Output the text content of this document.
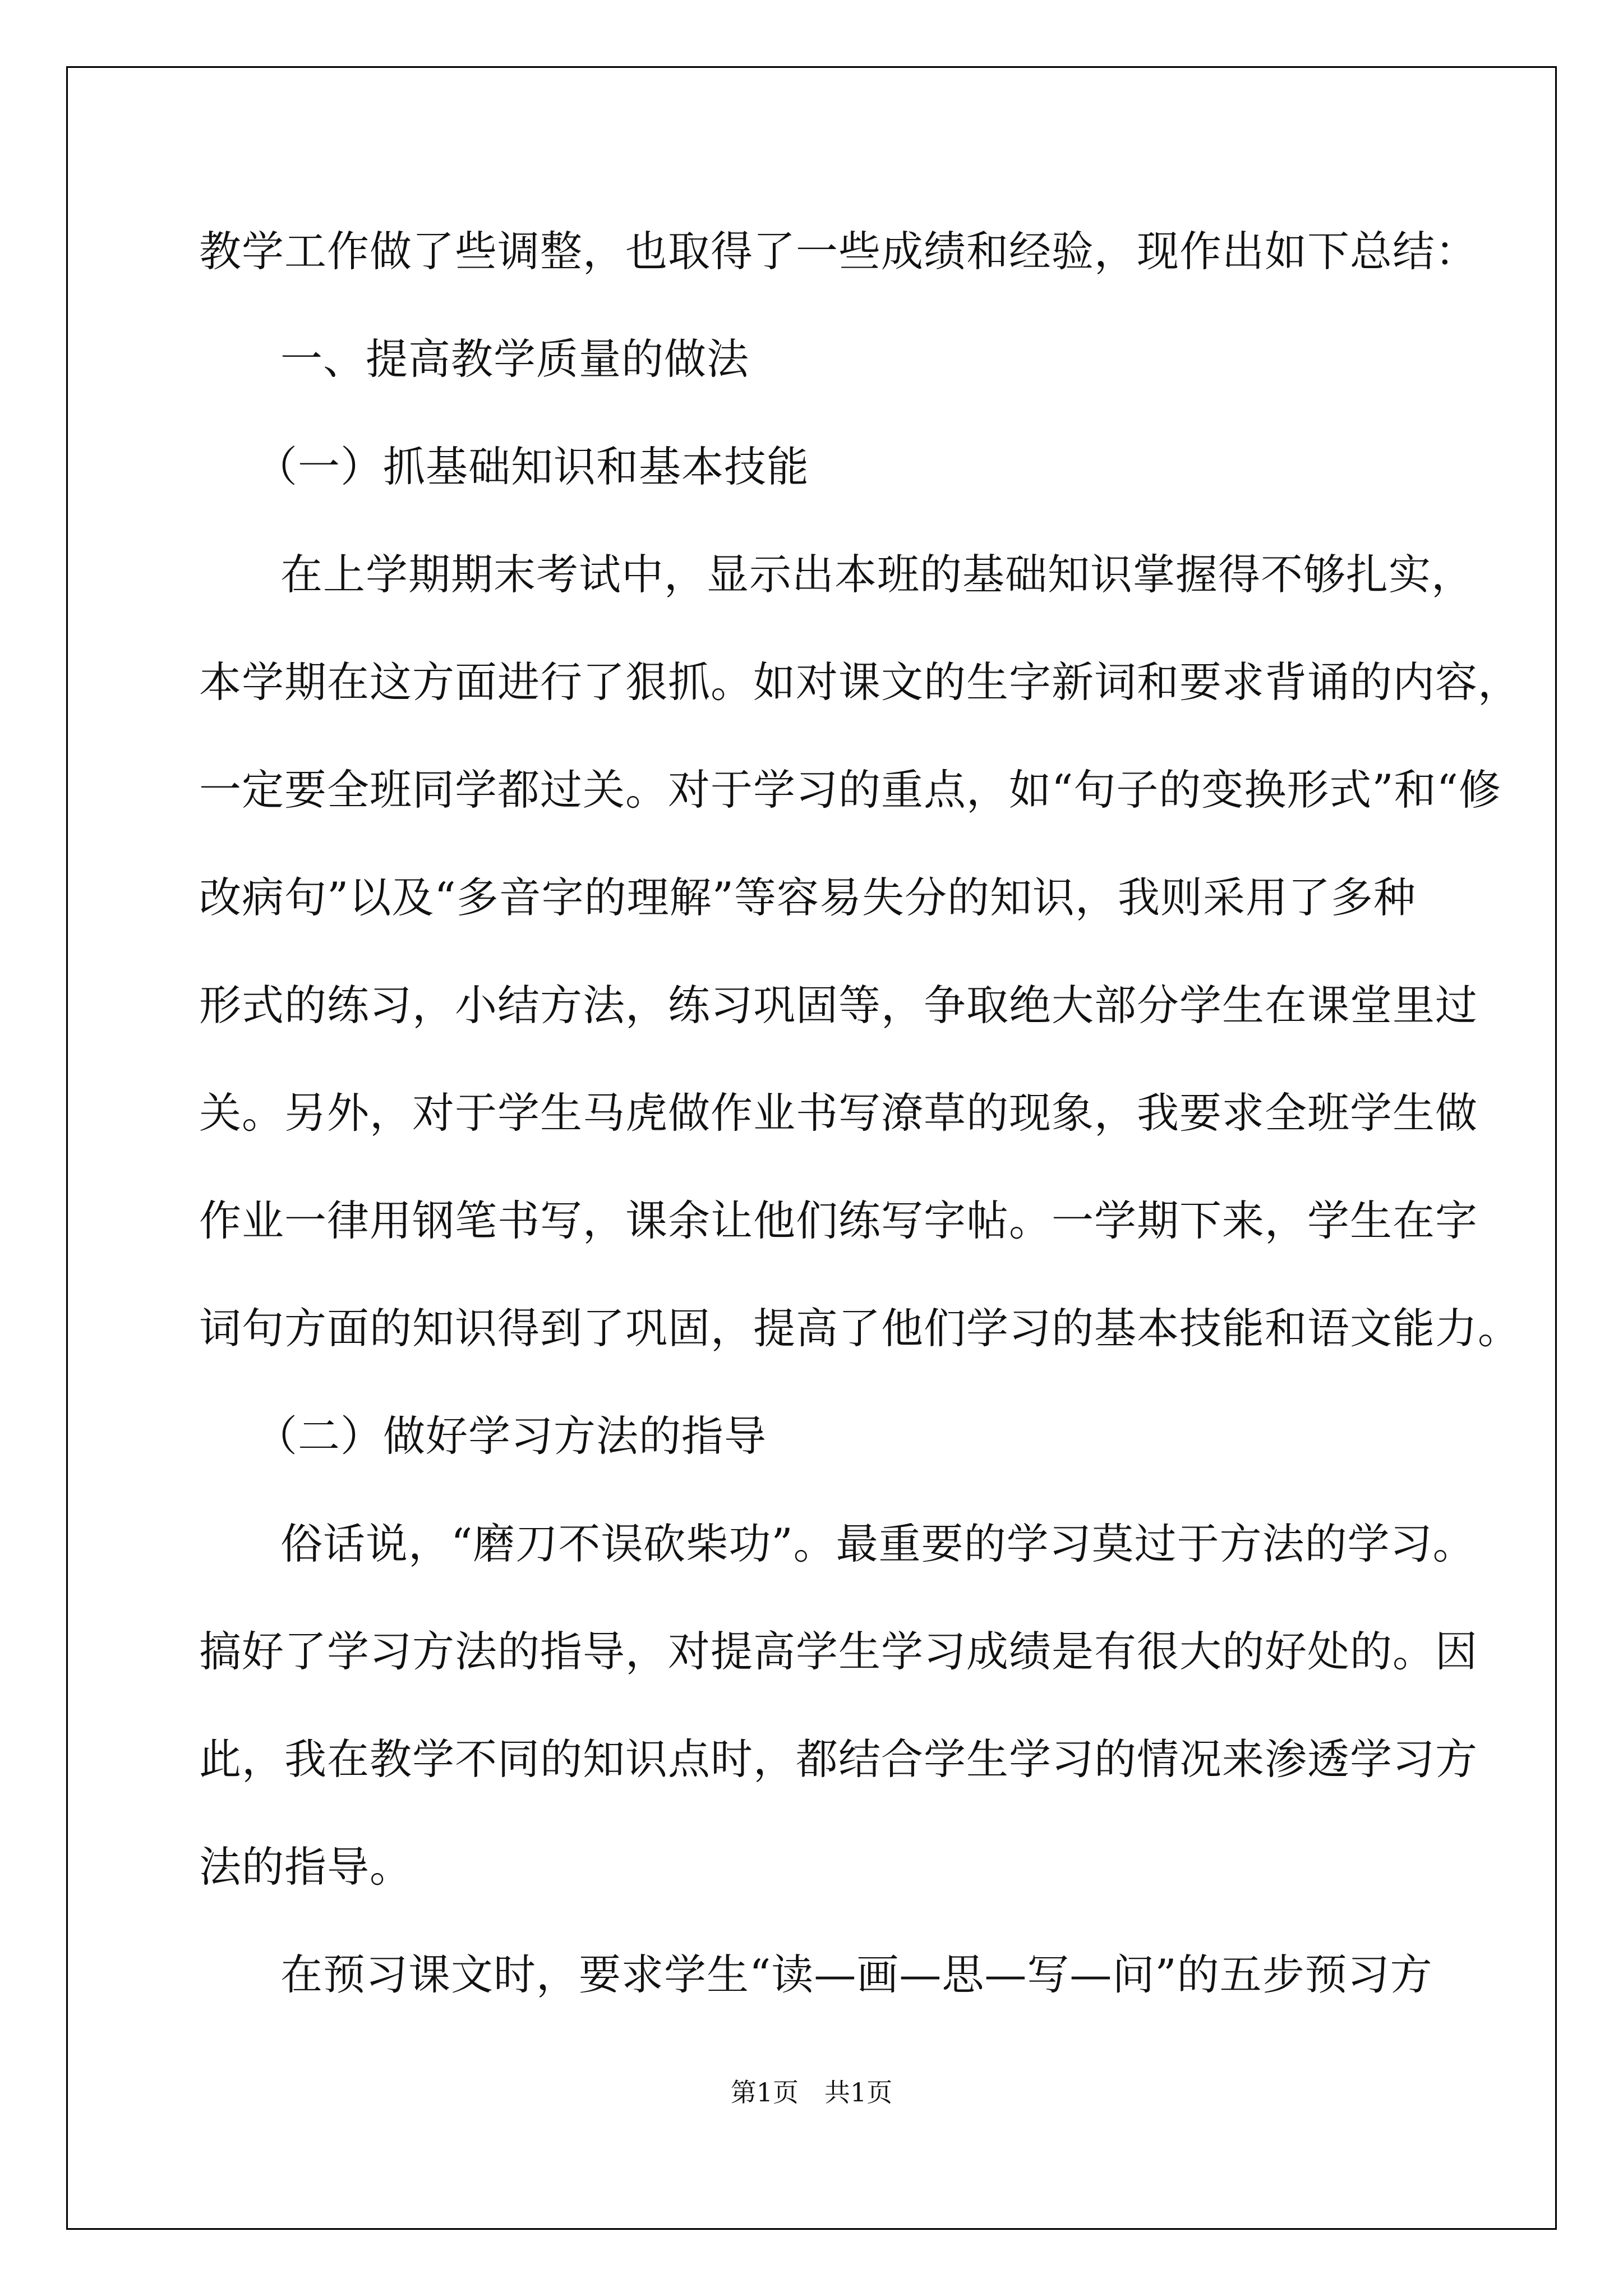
教学工作做了些调整，也取得了一些成绩和经验，现作出如下总结：
一、提高教学质量的做法
（一）抓基础知识和基本技能
在上学期期末考试中，显示出本班的基础知识掌握得不够扎实，
本学期在这方面进行了狠抓。如对课文的生字新词和要求背诵的内容，
一定要全班同学都过关。对于学习的重点，如“句子的变换形式”和“修
改病句”以及“多音字的理解”等容易失分的知识，我则采用了多种
形式的练习，小结方法，练习巩固等，争取绝大部分学生在课堂里过
关。另外，对于学生马虎做作业书写潦草的现象，我要求全班学生做
作业一律用钢笔书写，课余让他们练写字帖。一学期下来，学生在字
词句方面的知识得到了巩固，提高了他们学习的基本技能和语文能力。
（二）做好学习方法的指导
俗话说，“磨刀不误砍柴功”。最重要的学习莫过于方法的学习。
搞好了学习方法的指导，对提高学生学习成绩是有很大的好处的。因
此，我在教学不同的知识点时，都结合学生学习的情况来渗透学习方
法的指导。
在预习课文时，要求学生“读—画—思—写—问”的五步预习方
第1页　共1页
